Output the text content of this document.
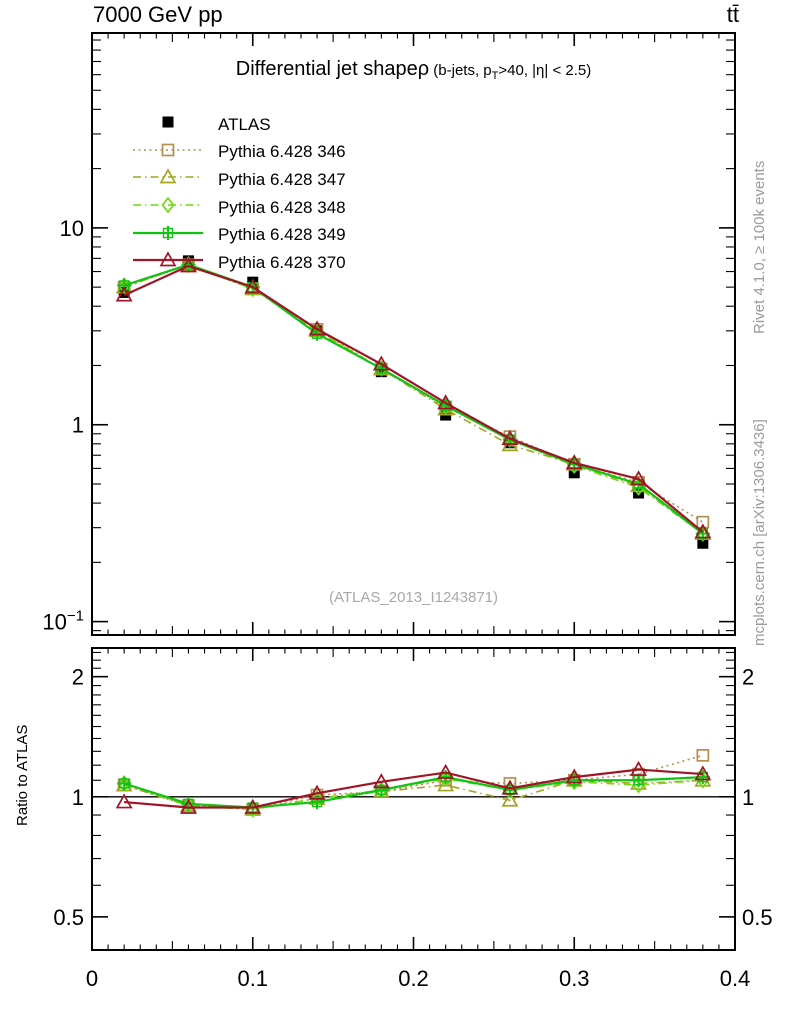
10
1
$10^{-1}$
2	2
1	1
0.5	0.5
0	0.1	0.2	0.3	0.4
7000 GeV pp	tt̄
Differential jet shapeρ (b-jets, $p_T>40$, |η| < 2.5)
ATLAS
Pythia 6.428 346
Pythia 6.428 347
Pythia 6.428 348
Pythia 6.428 349
Pythia 6.428 370
(ATLAS_2013_I1243871)
Rivet 4.1.0, ≥ 100k events
mcplots.cern.ch [arXiv:1306.3436]
Ratio to ATLAS
